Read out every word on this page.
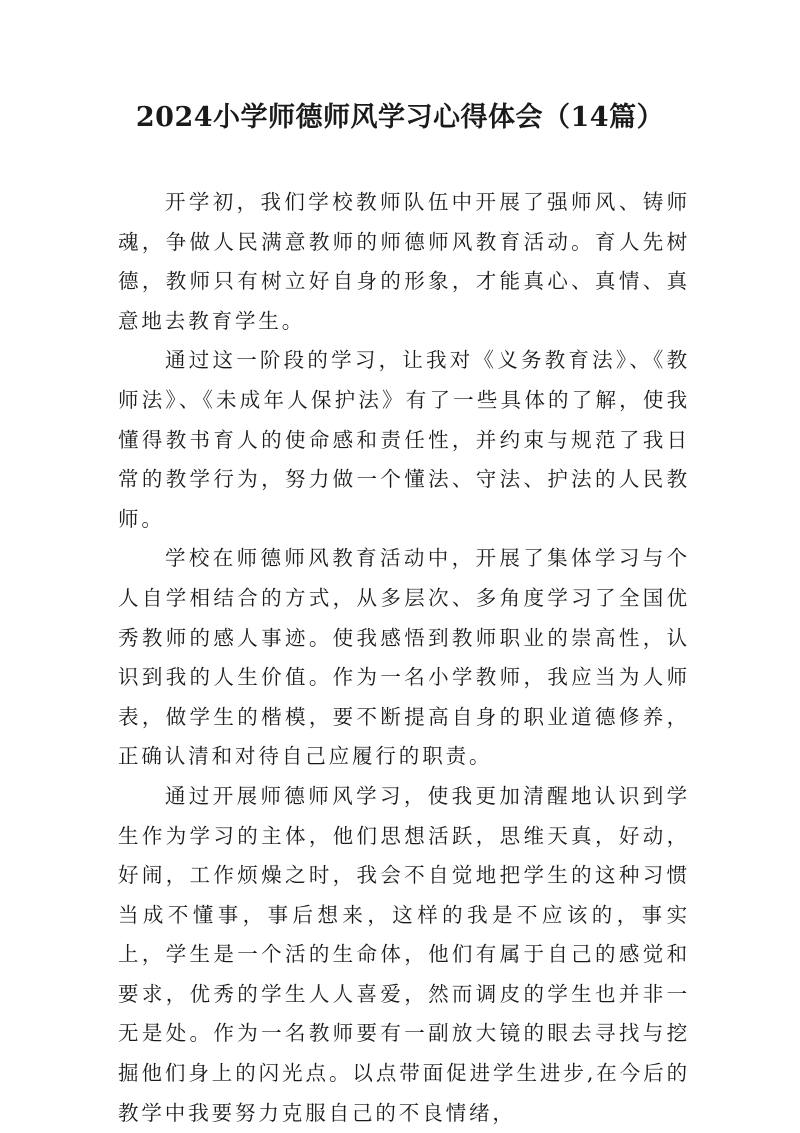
2024小学师德师风学习心得体会（14篇）

开学初，我们学校教师队伍中开展了强师风、铸师魂，争做人民满意教师的师德师风教育活动。育人先树德，教师只有树立好自身的形象，才能真心、真情、真意地去教育学生。

通过这一阶段的学习，让我对《义务教育法》、《教师法》、《未成年人保护法》有了一些具体的了解，使我懂得教书育人的使命感和责任性，并约束与规范了我日常的教学行为，努力做一个懂法、守法、护法的人民教师。

学校在师德师风教育活动中，开展了集体学习与个人自学相结合的方式，从多层次、多角度学习了全国优秀教师的感人事迹。使我感悟到教师职业的崇高性，认识到我的人生价值。作为一名小学教师，我应当为人师表，做学生的楷模，要不断提高自身的职业道德修养，正确认清和对待自己应履行的职责。

通过开展师德师风学习，使我更加清醒地认识到学生作为学习的主体，他们思想活跃，思维天真，好动，好闹，工作烦燥之时，我会不自觉地把学生的这种习惯当成不懂事，事后想来，这样的我是不应该的，事实上，学生是一个活的生命体，他们有属于自己的感觉和要求，优秀的学生人人喜爱，然而调皮的学生也并非一无是处。作为一名教师要有一副放大镜的眼去寻找与挖掘他们身上的闪光点。以点带面促进学生进步,在今后的教学中我要努力克服自己的不良情绪，
